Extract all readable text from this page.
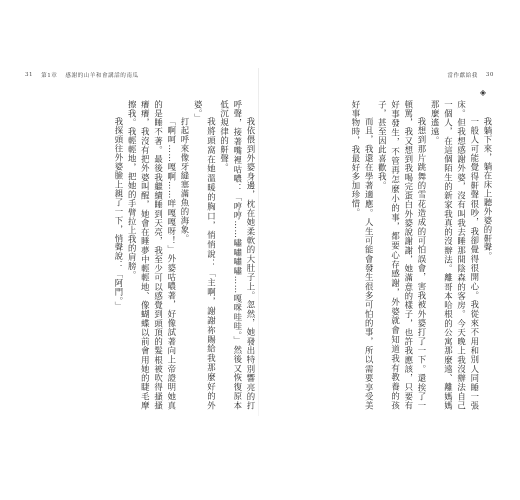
31 第1章 感謝的山羊和會講話的南瓜

我依偎到外婆身邊，枕在她柔軟的大肚子上。忽然，她發出特別響亮的打呼聲，接著嘴裡咕噥：「哼哼……嘯嘯嘯嘯……嘎咪哇哇。」然後又恢復原本低沉規律的鼾聲。

我將頭窩在她溫暖的胸口，悄悄說：「主啊，謝謝祢賜給我那麼好的外婆。」

打起呼來像牙縫塞滿魚的海象。

「啊呵……嘎啊……咩嘎嘎呀！」外婆咕噥著，好像試著向上帝證明她真的是睡不著。最後我繼續睡到天亮，我至少可以感覺到頭頂的髮根被吹得搔搔癢癢，我沒有把外婆叫醒，她會在睡夢中輕輕地、像蝴蝶以前會用她的睫毛摩擦我。我輕輕地，把她的手臂拉上我的肩膀。

我探頭往外婆臉上親了一下，悄聲說：「阿門。」

當作獻給我 30
◈

我躺下來，躺在床上聽外婆的鼾聲。

一般人可能覺得鼾聲很吵，我卻覺得很開心。我從來不用和別人同睡一張床。但我想感謝外婆，沒有叫我去睡那間陰森的客房。今天晚上我沒辦法自己一個人，在這個陌生的新家我真的沒辦法。離哥本哈根的公寓那麼遠、離媽媽那麼遙遠。

我想到那片跳舞的雪花造成的可怕誤會，害我被外婆打了一下。還挨了一頓罵，我又想到我喝完蛋白外婆說謝謝，她滿意的樣子，也許我應該，只要有好事發生，不管再怎麼小的事，都要心存感謝，外婆就會知道我有教養的孩子，甚至因此喜歡我。

而且，我還在學著適應。人生可能會發生很多可怕的事，所以需要享受美好事物時，我最好多加珍惜。
